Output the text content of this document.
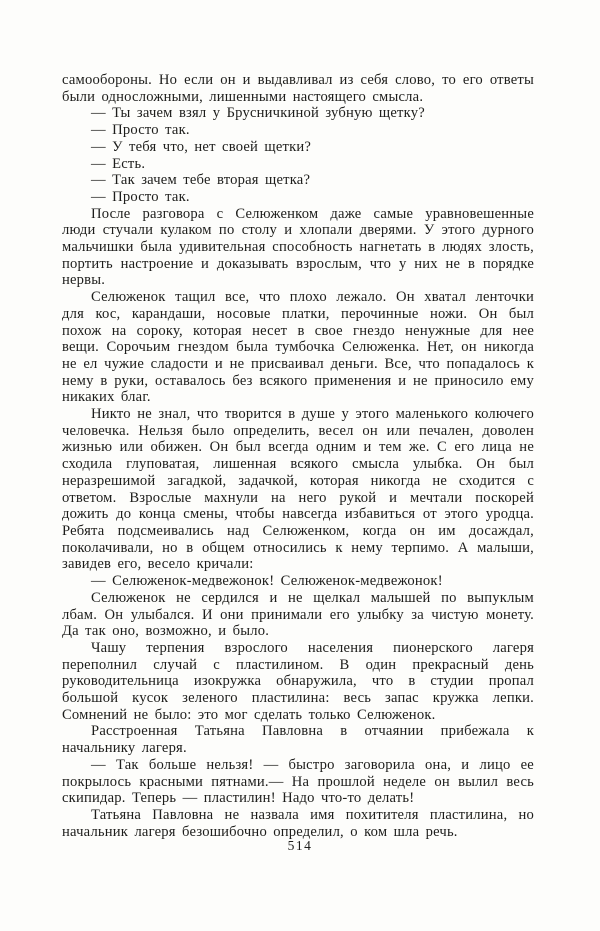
самообороны. Но если он и выдавливал из себя слово, то его ответы были односложными, лишенными настоящего смысла.

— Ты зачем взял у Брусничкиной зубную щетку?

— Просто так.

— У тебя что, нет своей щетки?

— Есть.

— Так зачем тебе вторая щетка?

— Просто так.

После разговора с Селюженком даже самые уравновешенные люди стучали кулаком по столу и хлопали дверями. У этого дурного мальчишки была удивительная способность нагнетать в людях злость, портить настроение и доказывать взрослым, что у них не в порядке нервы.

Селюженок тащил все, что плохо лежало. Он хватал ленточки для кос, карандаши, носовые платки, перочинные ножи. Он был похож на сороку, которая несет в свое гнездо ненужные для нее вещи. Сорочьим гнездом была тумбочка Селюженка. Нет, он никогда не ел чужие сладости и не присваивал деньги. Все, что попадалось к нему в руки, оставалось без всякого применения и не приносило ему никаких благ.

Никто не знал, что творится в душе у этого маленького колючего человечка. Нельзя было определить, весел он или печален, доволен жизнью или обижен. Он был всегда одним и тем же. С его лица не сходила глуповатая, лишенная всякого смысла улыбка. Он был неразрешимой загадкой, задачкой, которая никогда не сходится с ответом. Взрослые махнули на него рукой и мечтали поскорей дожить до конца смены, чтобы навсегда избавиться от этого уродца. Ребята подсмеивались над Селюженком, когда он им досаждал, поколачивали, но в общем относились к нему терпимо. А малыши, завидев его, весело кричали:

— Селюженок-медвежонок! Селюженок-медвежонок!

Селюженок не сердился и не щелкал малышей по выпуклым лбам. Он улыбался. И они принимали его улыбку за чистую монету. Да так оно, возможно, и было.

Чашу терпения взрослого населения пионерского лагеря переполнил случай с пластилином. В один прекрасный день руководительница изокружка обнаружила, что в студии пропал большой кусок зеленого пластилина: весь запас кружка лепки. Сомнений не было: это мог сделать только Селюженок.

Расстроенная Татьяна Павловна в отчаянии прибежала к начальнику лагеря.

— Так больше нельзя! — быстро заговорила она, и лицо ее покрылось красными пятнами.— На прошлой неделе он вылил весь скипидар. Теперь — пластилин! Надо что-то делать!

Татьяна Павловна не назвала имя похитителя пластилина, но начальник лагеря безошибочно определил, о ком шла речь.

514
